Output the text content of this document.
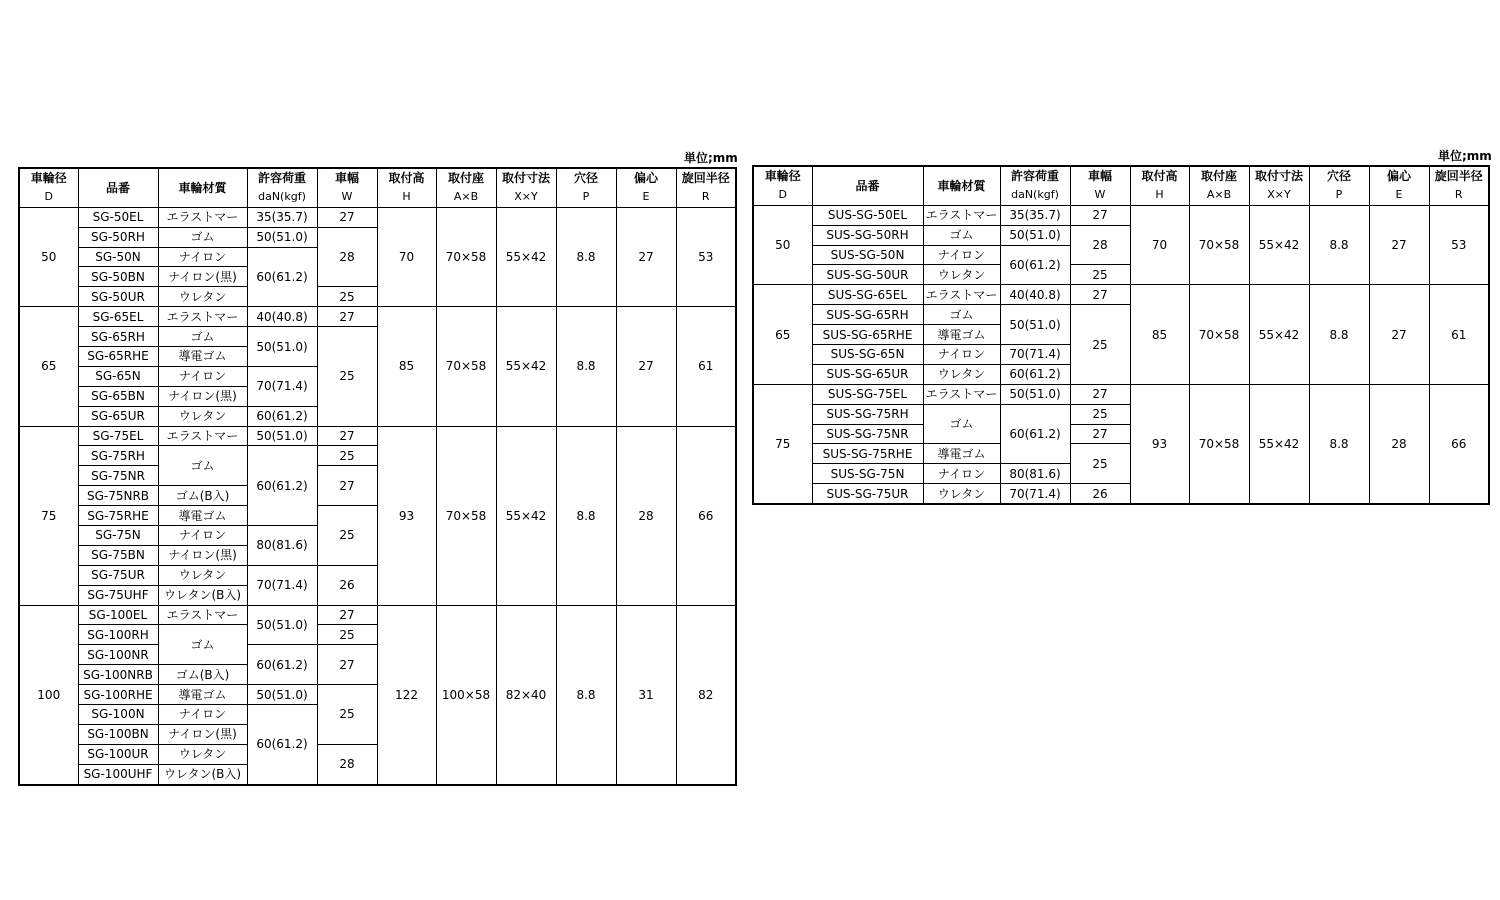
単位;mm
車輪径	品番	車輪材質	許容荷重	車幅	取付高	取付座	取付寸法	穴径	偏心	旋回半径
D			daN(kgf)	W	H	A×B	X×Y	P	E	R
50	SG-50EL	エラストマー	35(35.7)	27	70	70×58	55×42	8.8	27	53
	SG-50RH	ゴム	50(51.0)	28						
	SG-50N	ナイロン	60(61.2)							
	SG-50BN	ナイロン(黒)								
	SG-50UR	ウレタン		25						
65	SG-65EL	エラストマー	40(40.8)	27	85	70×58	55×42	8.8	27	61
	SG-65RH	ゴム	50(51.0)	25						
	SG-65RHE	導電ゴム								
	SG-65N	ナイロン	70(71.4)							
	SG-65BN	ナイロン(黒)								
	SG-65UR	ウレタン	60(61.2)							
75	SG-75EL	エラストマー	50(51.0)	27	93	70×58	55×42	8.8	28	66
	SG-75RH	ゴム	60(61.2)	25						
	SG-75NR			27						
	SG-75NRB	ゴム(B入)								
	SG-75RHE	導電ゴム		25						
	SG-75N	ナイロン	80(81.6)							
	SG-75BN	ナイロン(黒)								
	SG-75UR	ウレタン	70(71.4)	26						
	SG-75UHF	ウレタン(B入)								
100	SG-100EL	エラストマー	50(51.0)	27	122	100×58	82×40	8.8	31	82
	SG-100RH	ゴム		25						
	SG-100NR		60(61.2)	27						
	SG-100NRB	ゴム(B入)								
	SG-100RHE	導電ゴム	50(51.0)	25						
	SG-100N	ナイロン	60(61.2)							
	SG-100BN	ナイロン(黒)								
	SG-100UR	ウレタン		28						
	SG-100UHF	ウレタン(B入)								
単位;mm
車輪径	品番	車輪材質	許容荷重	車幅	取付高	取付座	取付寸法	穴径	偏心	旋回半径
D			daN(kgf)	W	H	A×B	X×Y	P	E	R
50	SUS-SG-50EL	エラストマー	35(35.7)	27	70	70×58	55×42	8.8	27	53
	SUS-SG-50RH	ゴム	50(51.0)	28						
	SUS-SG-50N	ナイロン	60(61.2)							
	SUS-SG-50UR	ウレタン		25						
65	SUS-SG-65EL	エラストマー	40(40.8)	27	85	70×58	55×42	8.8	27	61
	SUS-SG-65RH	ゴム	50(51.0)	25						
	SUS-SG-65RHE	導電ゴム								
	SUS-SG-65N	ナイロン	70(71.4)							
	SUS-SG-65UR	ウレタン	60(61.2)							
75	SUS-SG-75EL	エラストマー	50(51.0)	27	93	70×58	55×42	8.8	28	66
	SUS-SG-75RH	ゴム	60(61.2)	25						
	SUS-SG-75NR			27						
	SUS-SG-75RHE	導電ゴム		25						
	SUS-SG-75N	ナイロン	80(81.6)							
	SUS-SG-75UR	ウレタン	70(71.4)	26						
